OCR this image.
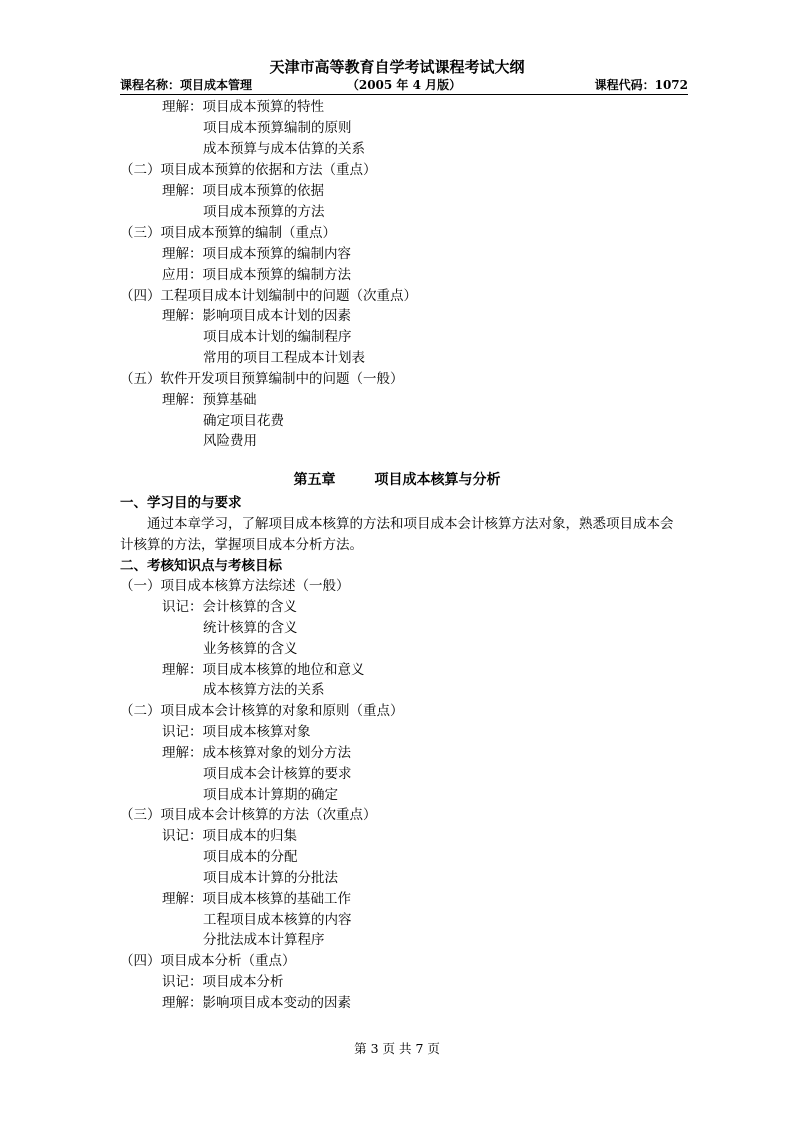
天津市高等教育自学考试课程考试大纲
课程名称：项目成本管理	（2005 年 4 月版）	课程代码：1072
理解：项目成本预算的特性
项目成本预算编制的原则
成本预算与成本估算的关系
（二）项目成本预算的依据和方法（重点）
理解：项目成本预算的依据
项目成本预算的方法
（三）项目成本预算的编制（重点）
理解：项目成本预算的编制内容
应用：项目成本预算的编制方法
（四）工程项目成本计划编制中的问题（次重点）
理解：影响项目成本计划的因素
项目成本计划的编制程序
常用的项目工程成本计划表
（五）软件开发项目预算编制中的问题（一般）
理解：预算基础
确定项目花费
风险费用
第五章        项目成本核算与分析
一、学习目的与要求
通过本章学习，了解项目成本核算的方法和项目成本会计核算方法对象，熟悉项目成本会计核算的方法，掌握项目成本分析方法。
二、考核知识点与考核目标
（一）项目成本核算方法综述（一般）
识记：会计核算的含义
统计核算的含义
业务核算的含义
理解：项目成本核算的地位和意义
成本核算方法的关系
（二）项目成本会计核算的对象和原则（重点）
识记：项目成本核算对象
理解：成本核算对象的划分方法
项目成本会计核算的要求
项目成本计算期的确定
（三）项目成本会计核算的方法（次重点）
识记：项目成本的归集
项目成本的分配
项目成本计算的分批法
理解：项目成本核算的基础工作
工程项目成本核算的内容
分批法成本计算程序
（四）项目成本分析（重点）
识记：项目成本分析
理解：影响项目成本变动的因素
第 3 页 共 7 页
